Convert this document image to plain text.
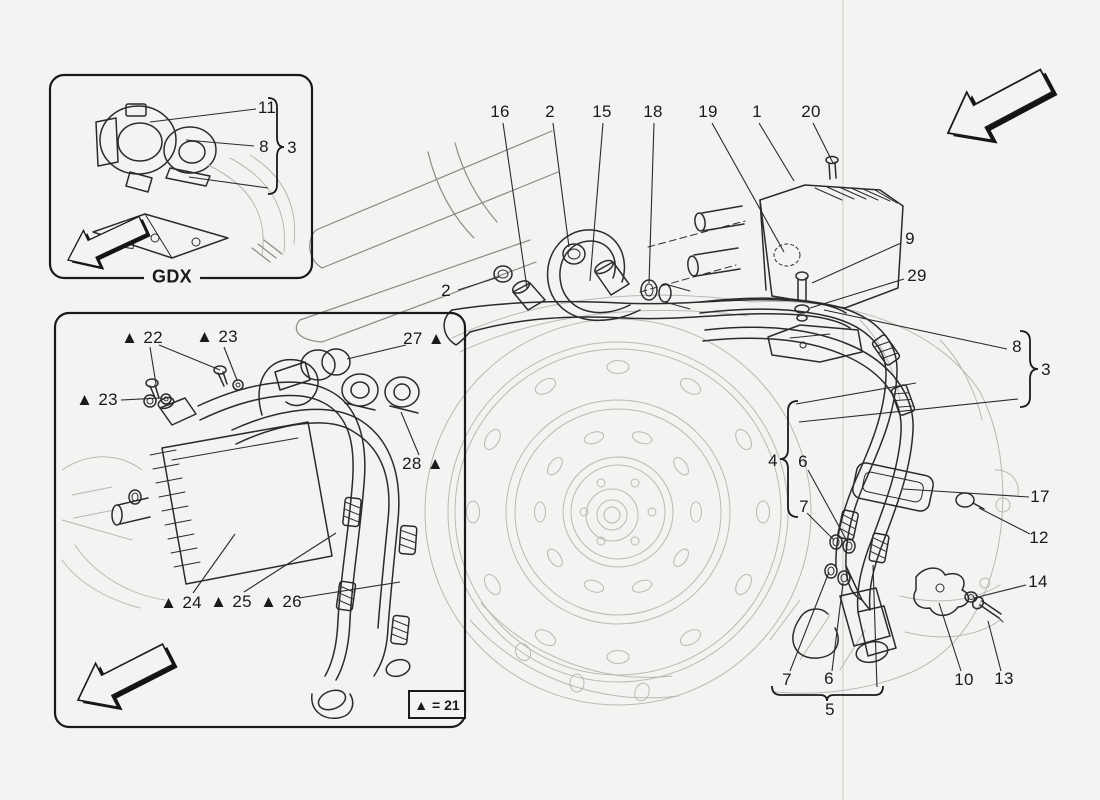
16 2 15 18 19 1 20
9
29
8
3
2
4 6
7
17
12
14
7 6
5
10 13
11
8 3
GDX
▲ 22 ▲ 23	27 ▲
▲ 23
28 ▲
▲ 24 ▲ 25 ▲ 26
▲ = 21
